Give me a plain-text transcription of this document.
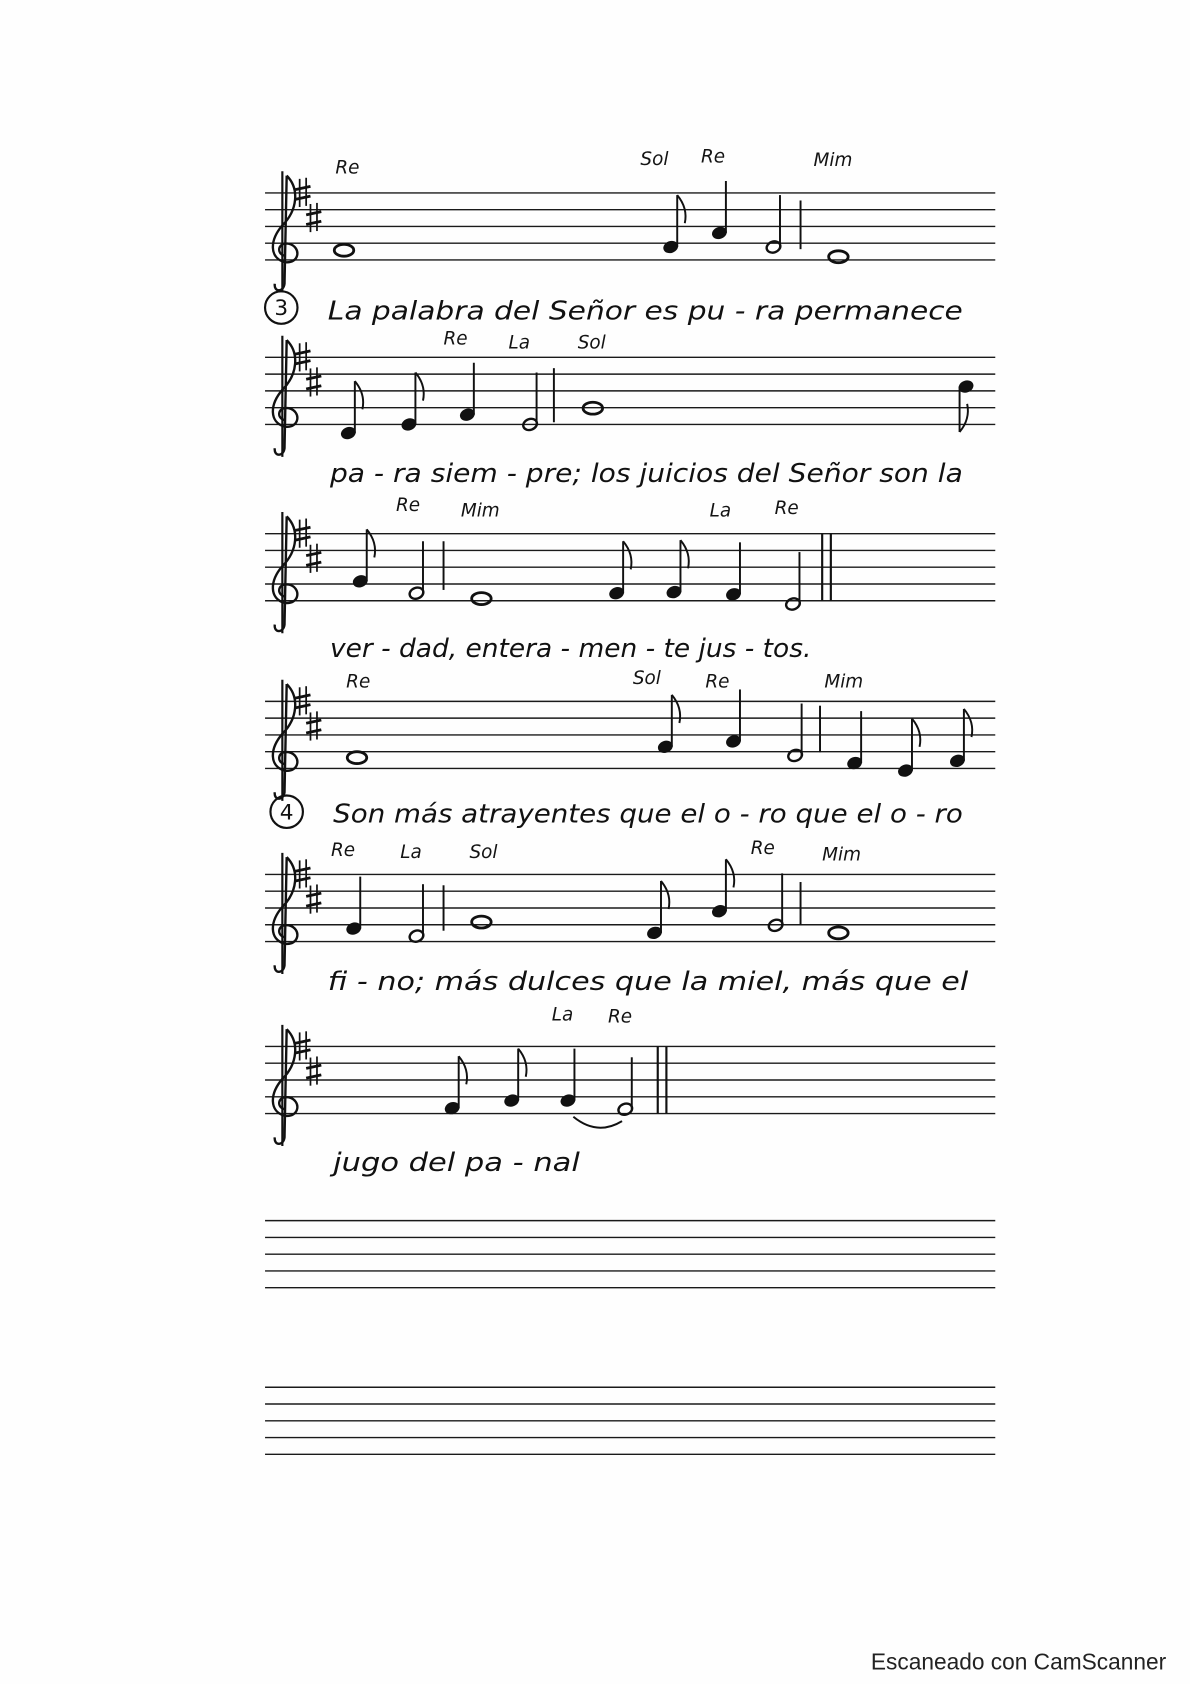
Re	Sol Re	Mim
3 La palabra del Señor es pu - ra permanece
Re La	Sol
pa - ra siem - pre; los juicios del Señor son la
Re Mim	La	Re
ver - dad, entera - men - te jus - tos.
Re	Sol	Re	Mim
4 Son más atrayentes que el o - ro que el o - ro
Re	La	Sol	Re	Mim
fi - no; más dulces que la miel, más que el
La Re
jugo del pa - nal
Escaneado con CamScanner
